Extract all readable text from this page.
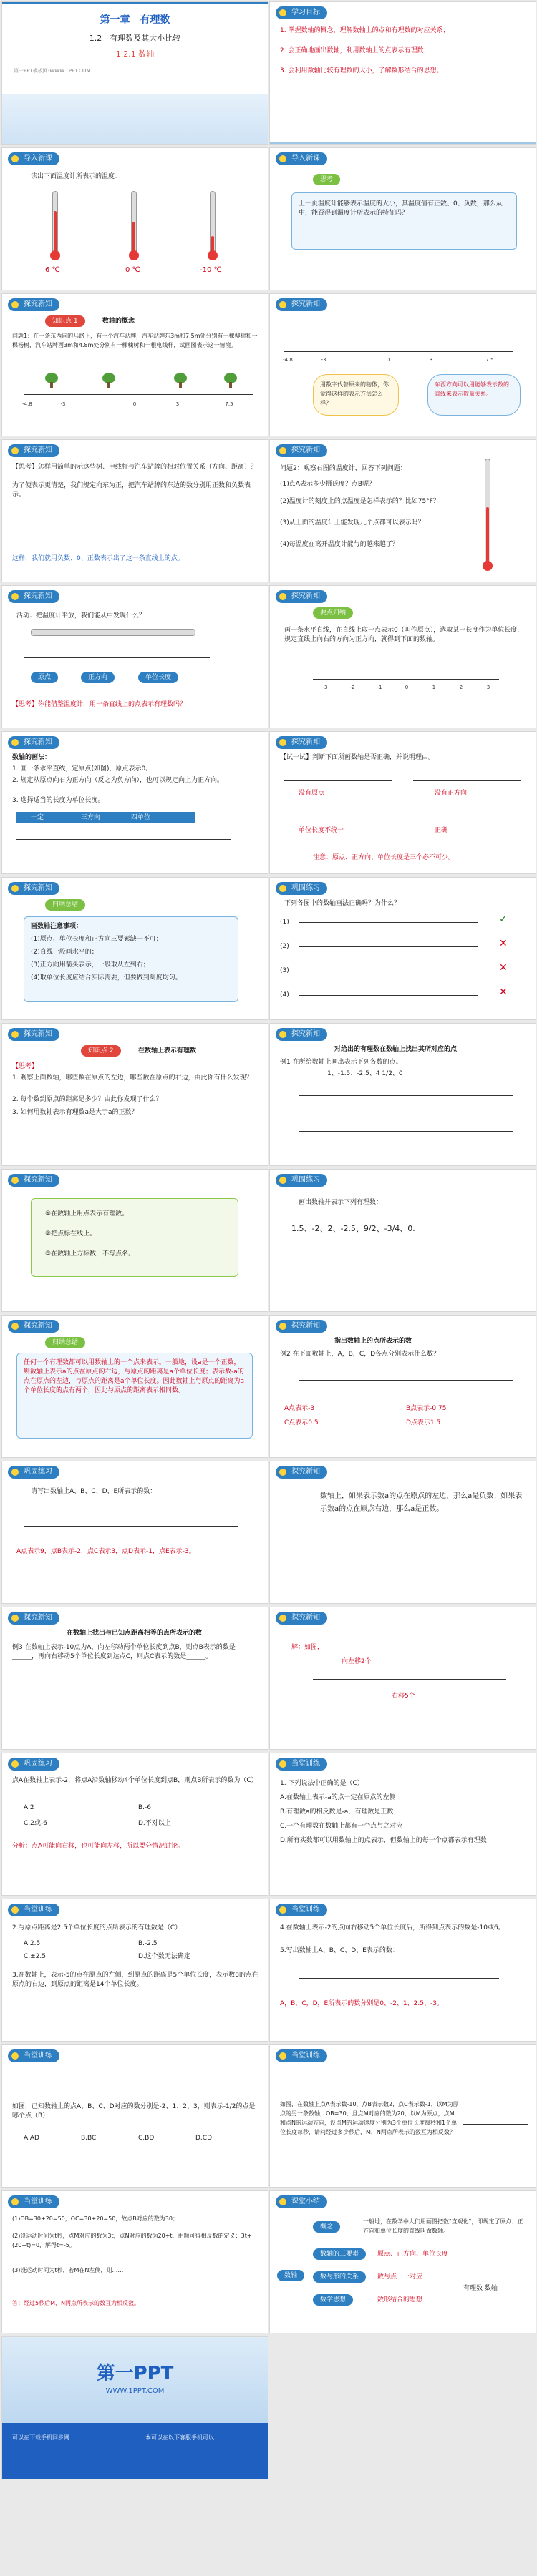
第一章　有理数
1.2　有理数及其大小比较
1.2.1 数轴
第一PPT模板网-WWW.1PPT.COM
学习目标
1. 掌握数轴的概念，理解数轴上的点和有理数的对应关系；
2. 会正确地画出数轴，利用数轴上的点表示有理数；
3. 会利用数轴比较有理数的大小，了解数形结合的思想。
导入新课
读出下面温度计所表示的温度：
6 ℃	0 ℃	-10 ℃
导入新课
思考
上一页温度计能够表示温度的大小，其温度值有正数、0、负数，那么从中，能否得到温度计所表示的特征吗？
探究新知
知识点 1	数轴的概念
问题1：在一条东西向的马路上，有一个汽车站牌，汽车站牌东3m和7.5m处分别有一棵柳树和一棵杨树，汽车站牌西3m和4.8m处分别有一棵槐树和一根电线杆，试画图表示这一情境。
-4.8	-3	0	3	7.5
探究新知
-4.8	-3	0	3	7.5
用数字代替原来的物体，你觉得这样的表示方法怎么样？
东西方向可以用能够表示数的直线来表示数量关系。
探究新知
【思考】怎样用简单的示这些树、电线杆与汽车站牌的相对位置关系（方向、距离）？
为了便表示更清楚，我们规定向东为正，把汽车站牌的东边的数分别用正数和负数表示。
这样，我们就用负数、0、正数表示出了这一条直线上的点。
探究新知
问题2：观察右图的温度计，回答下列问题：
(1)点A表示多少摄氏度？点B呢？
(2)温度计的刻度上的点温度是怎样表示的？比如75°F？
(3)从上面的温度计上能发现几个点都可以表示吗？
(4)每温度在离开温度计能与的越来越了？
探究新知
活动：把温度计平放，我们能从中发现什么？
原点	正方向	单位长度
【思考】你能借鉴温度计，用一条直线上的点表示有理数吗？
探究新知
要点归纳
画一条水平直线，在直线上取一点表示0（叫作原点），选取某一长度作为单位长度，规定直线上向右的方向为正方向，就得到下面的数轴。
-3	-2	-1	0	1	2	3
探究新知
数轴的画法：
1. 画一条水平直线，定原点(如图)，原点表示0。
2. 规定从原点向右为正方向（反之为负方向），也可以规定向上为正方向。
3. 选择适当的长度为单位长度。
一定	三方向	四单位
探究新知
【试一试】判断下面所画数轴是否正确，并说明理由。
没有原点	没有正方向
单位长度不统一	正确
注意：原点、正方向、单位长度是三个必不可少。
探究新知
归纳总结
画数轴注意事项：
(1)原点、单位长度和正方向三要素缺一不可；
(2)直线一般画水平的；
(3)正方向用箭头表示，一般取从左到右；
(4)取单位长度应结合实际需要，但要做到刻度均匀。
巩固练习
下列各图中的数轴画法正确吗？为什么？
(1)	✓
(2)	✕
(3)	✕
(4)	✕
探究新知
知识点 2	在数轴上表示有理数
【思考】
1. 观察上面数轴，哪些数在原点的左边，哪些数在原点的右边，由此你有什么发现？
2. 每个数到原点的距离是多少？由此你发现了什么？
3. 如何用数轴表示有理数a是大于a的正数？
探究新知
对给出的有理数在数轴上找出其所对应的点
例1 在所给数轴上画出表示下列各数的点。
1、-1.5、-2.5、4 1/2、0
探究新知
①在数轴上用点表示有理数。
②把点标在线上。
③在数轴上方标数，不写点名。
巩固练习
画出数轴并表示下列有理数：
1.5、-2、2、-2.5、9/2、-3/4、0.
探究新知
归纳总结
任何一个有理数都可以用数轴上的一个点来表示。一般地，设a是一个正数，则数轴上表示a的点在原点的右边，与原点的距离是a个单位长度；表示数-a的点在原点的左边，与原点的距离是a个单位长度。因此数轴上与原点的距离为a个单位长度的点有两个，因此与原点的距离表示相同数。
探究新知
指出数轴上的点所表示的数
例2 在下面数轴上，A，B，C，D各点分别表示什么数？
A点表示-3	B点表示-0.75
C点表示0.5	D点表示1.5
巩固练习
请写出数轴上A、B、C、D、E所表示的数：
A点表示9，点B表示-2，点C表示3，点D表示-1，点E表示-3。
探究新知
数轴上，如果表示数a的点在原点的左边，那么a是负数；如果表示数a的点在原点右边，那么a是正数。
探究新知
在数轴上找出与已知点距离相等的点所表示的数
例3 在数轴上表示-10点为A，向左移动两个单位长度到点B，则点B表示的数是______，再向右移动5个单位长度到达点C，则点C表示的数是______。
探究新知
解：如图，
向左移2个
右移5个
巩固练习
点A在数轴上表示-2，将点A沿数轴移动4个单位长度到点B，则点B所表示的数为（C）
A.2	B.-6
C.2或-6	D.不对以上
分析：点A可能向右移，也可能向左移，所以要分情况讨论。
当堂训练
1. 下列说法中正确的是（C）
A.在数轴上表示-a的点一定在原点的左侧
B.有理数a的相反数是-a，有理数是正数；
C.一个有理数在数轴上都有一个点与之对应
D.所有实数都可以用数轴上的点表示，但数轴上的每一个点都表示有理数
当堂训练
2.与原点距离是2.5个单位长度的点所表示的有理数是（C）
A.2.5	B.-2.5
C.±2.5	D.这个数无法确定
3.在数轴上，表示-5的点在原点的左侧，到原点的距离是5个单位长度，表示数8的点在原点的右边，到原点的距离是14个单位长度。
当堂训练
4.在数轴上表示-2的点向右移动5个单位长度后，所得到点表示的数是-10或6。
5.写出数轴上A、B、C、D、E表示的数：
A，B，C，D，E所表示的数分别是0、-2、1、2.5、-3。
当堂训练
如图，已知数轴上的点A、B、C、D对应的数分别是-2、1、2、3，则表示-1/2的点是哪个点（B）
A.AD	B.BC	C.BD	D.CD
当堂训练
如图，在数轴上点A表示数-10，点B表示数2，点C表示数-1，以M为原点的另一条数轴，OB=30，且点M对应的数为20，以M为原点，点M和点N的运动方向，设点M的运动速度分别为3个单位长度每秒和1个单位长度每秒，请问经过多少秒后，M，N两点所表示的数互为相反数？
当堂训练
(1)OB=30+20=50，OC=30+20=50，故点B对应的数为30；
(2)设运动时间为t秒，点M对应的数为3t，点N对应的数为20+t，由题可得相反数的定义：3t+(20+t)=0，解得t=-5。
(3)设运动时间为t秒，若M在N左侧，则……
答：经过5秒后M，N两点所表示的数互为相反数。
课堂小结
数轴
概念
一般地，在数学中人们用画图把数"直观化"，即规定了原点、正方向和单位长度的直线叫做数轴。
数轴的三要素	原点、正方向、单位长度
数与形的关系	数与点一一对应
数学思想	数形结合的思想
有理数 数轴
第一PPT
WWW.1PPT.COM
可以在下载手机同步网	本可以在以下客服手机可以
